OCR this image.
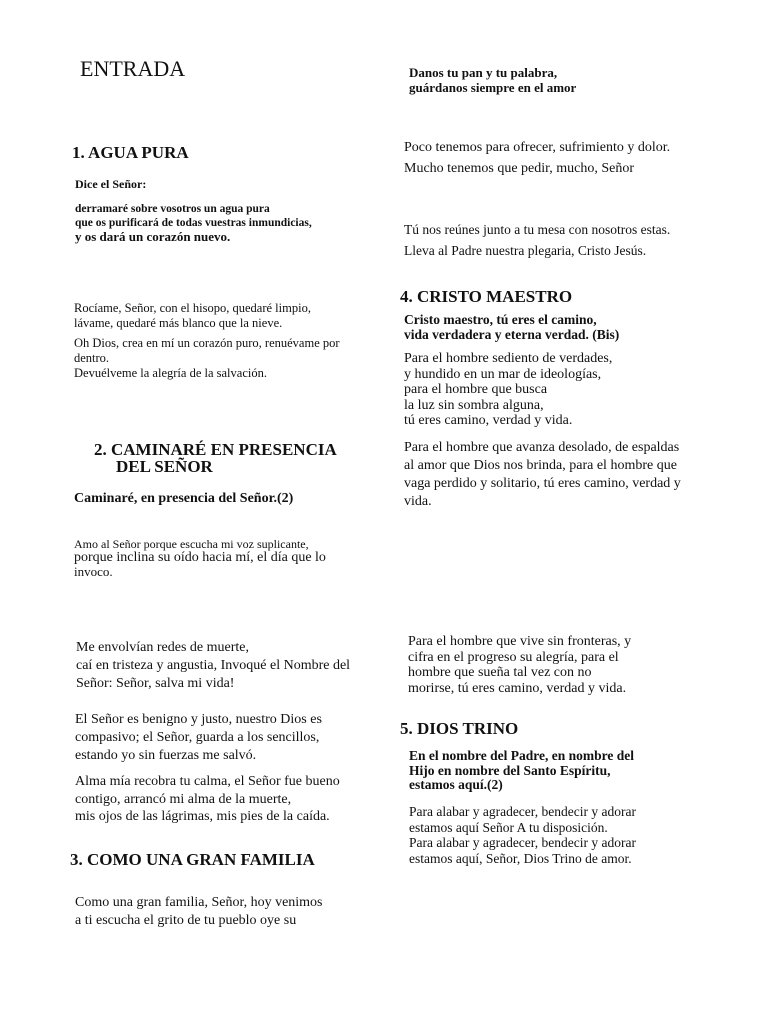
ENTRADA
1. AGUA PURA
Dice el Señor:
derramaré sobre vosotros un agua pura
que os purificará de todas vuestras inmundicias,
y os dará un corazón nuevo.
Rocíame, Señor, con el hisopo, quedaré limpio,
lávame, quedaré más blanco que la nieve.
Oh Dios, crea en mí un corazón puro, renuévame por
dentro.
Devuélveme la alegría de la salvación.
2. CAMINARÉ EN PRESENCIA
DEL SEÑOR
Caminaré, en presencia del Señor.(2)
Amo al Señor porque escucha mi voz suplicante,
porque inclina su oído hacia mí, el día que lo
invoco.
Me envolvían redes de muerte,
caí en tristeza y angustia, Invoqué el Nombre del
Señor: Señor, salva mi vida!
El Señor es benigno y justo, nuestro Dios es
compasivo; el Señor, guarda a los sencillos,
estando yo sin fuerzas me salvó.
Alma mía recobra tu calma, el Señor fue bueno
contigo, arrancó mi alma de la muerte,
mis ojos de las lágrimas, mis pies de la caída.
3. COMO UNA GRAN FAMILIA
Como una gran familia, Señor, hoy venimos
a ti escucha el grito de tu pueblo oye su
Danos tu pan y tu palabra,
guárdanos siempre en el amor
Poco tenemos para ofrecer, sufrimiento y dolor.
Mucho tenemos que pedir, mucho, Señor
Tú nos reúnes junto a tu mesa con nosotros estas.
Lleva al Padre nuestra plegaria, Cristo Jesús.
4. CRISTO MAESTRO
Cristo maestro, tú eres el camino,
vida verdadera y eterna verdad. (Bis)
Para el hombre sediento de verdades,
y hundido en un mar de ideologías,
para el hombre que busca
la luz sin sombra alguna,
tú eres camino, verdad y vida.
Para el hombre que avanza desolado, de espaldas
al amor que Dios nos brinda, para el hombre que
vaga perdido y solitario, tú eres camino, verdad y
vida.
Para el hombre que vive sin fronteras, y
cifra en el progreso su alegría, para el
hombre que sueña tal vez con no
morirse, tú eres camino, verdad y vida.
5. DIOS TRINO
En el nombre del Padre, en nombre del
Hijo en nombre del Santo Espíritu,
estamos aquí.(2)
Para alabar y agradecer, bendecir y adorar
estamos aquí Señor A tu disposición.
Para alabar y agradecer, bendecir y adorar
estamos aquí, Señor, Dios Trino de amor.
